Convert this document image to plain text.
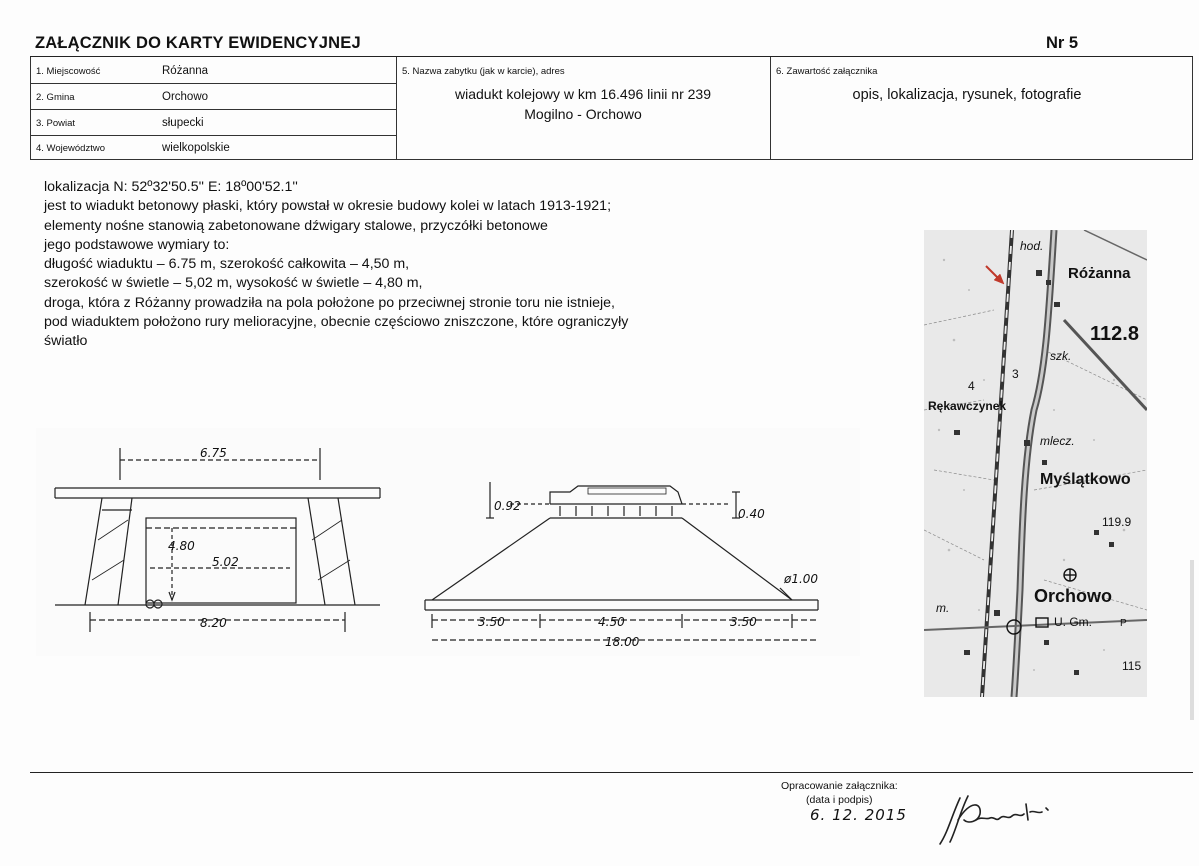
ZAŁĄCZNIK DO KARTY EWIDENCYJNEJ	Nr 5
1. Miejscowość	Różanna
2. Gmina	Orchowo
3. Powiat	słupecki
4. Województwo	wielkopolskie
5. Nazwa zabytku (jak w karcie), adres
wiadukt kolejowy w km 16.496 linii nr 239
Mogilno - Orchowo
6. Zawartość załącznika
opis, lokalizacja, rysunek, fotografie
lokalizacja N: 52º32'50.5'' E: 18º00'52.1''
jest to wiadukt betonowy płaski, który powstał w okresie budowy kolei w latach 1913-1921;
elementy nośne stanowią zabetonowane dźwigary stalowe, przyczółki betonowe
jego podstawowe wymiary to:
długość wiaduktu – 6.75 m, szerokość całkowita – 4,50 m,
szerokość w świetle – 5,02 m, wysokość w świetle – 4,80 m,
droga, która z Różanny prowadziła na pola położone po przeciwnej stronie toru nie istnieje,
pod wiaduktem położono rury melioracyjne, obecnie częściowo zniszczone, które ograniczyły
światło
6.75
4.80
5.02
8.20
0.92
0.40
ø1.00
3.50	4.50	3.50
18.00
hod.
Różanna
112.8
szk.
3
4
Rękawczynek
mlecz.
Myślątkowo
119.9
Orchowo
m.
U. Gm.	P
115
Opracowanie załącznika:
(data i podpis)
6. 12. 2015
